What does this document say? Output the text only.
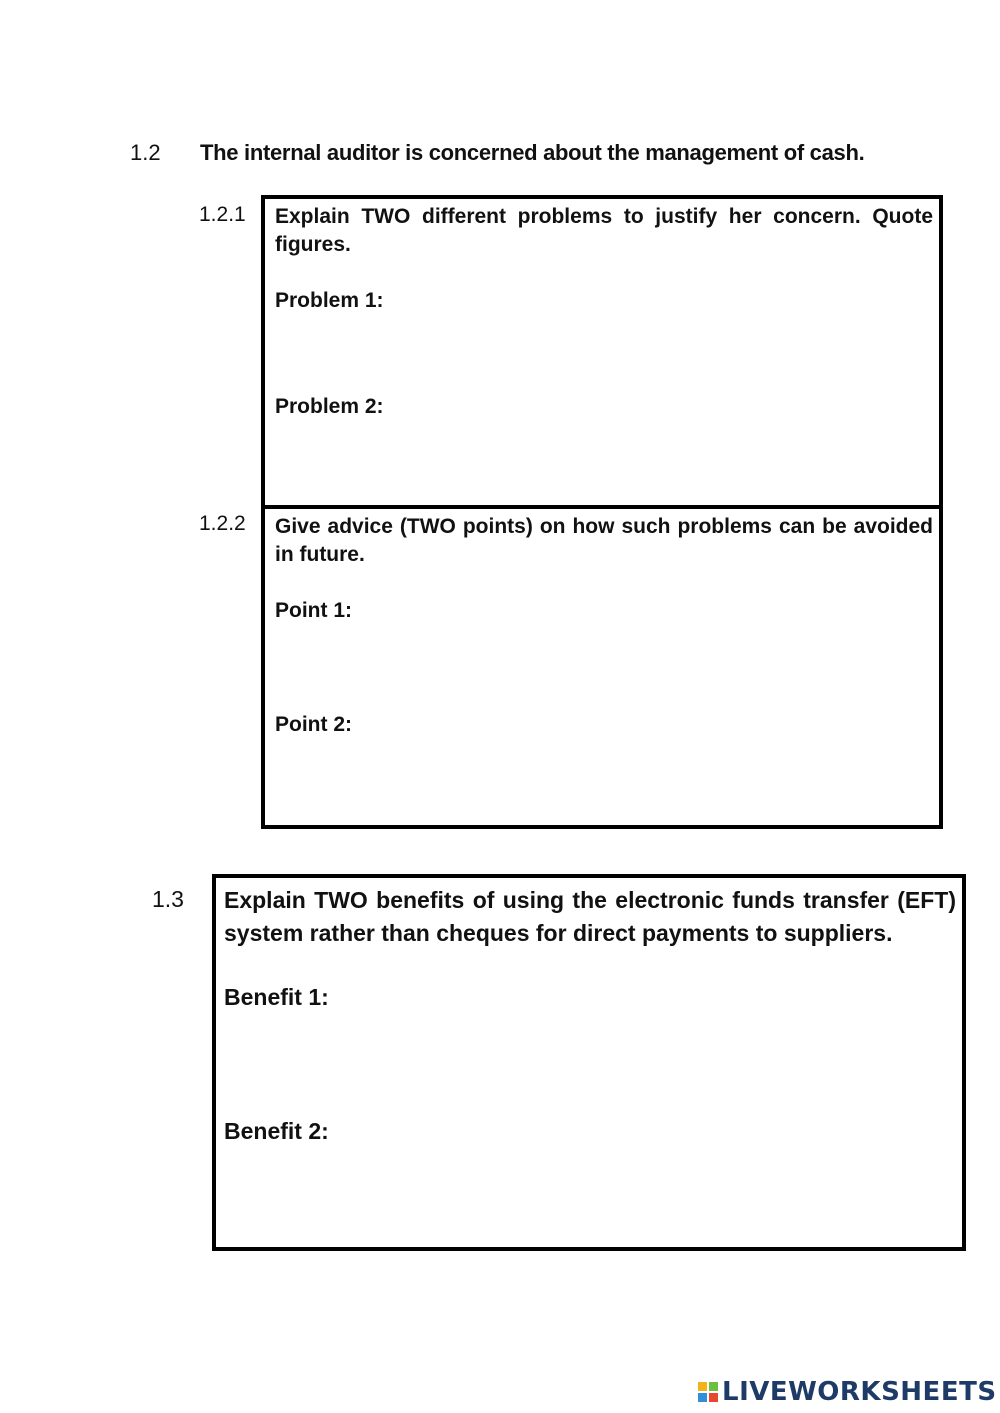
1.2 The internal auditor is concerned about the management of cash.
1.2.1
1.2.2
Explain TWO different problems to justify her concern. Quote figures.
Problem 1:
Problem 2:
Give advice (TWO points) on how such problems can be avoided in future.
Point 1:
Point 2:
1.3 Explain TWO benefits of using the electronic funds transfer (EFT) system rather than cheques for direct payments to suppliers.
Benefit 1:
Benefit 2:
LIVEWORKSHEETS
